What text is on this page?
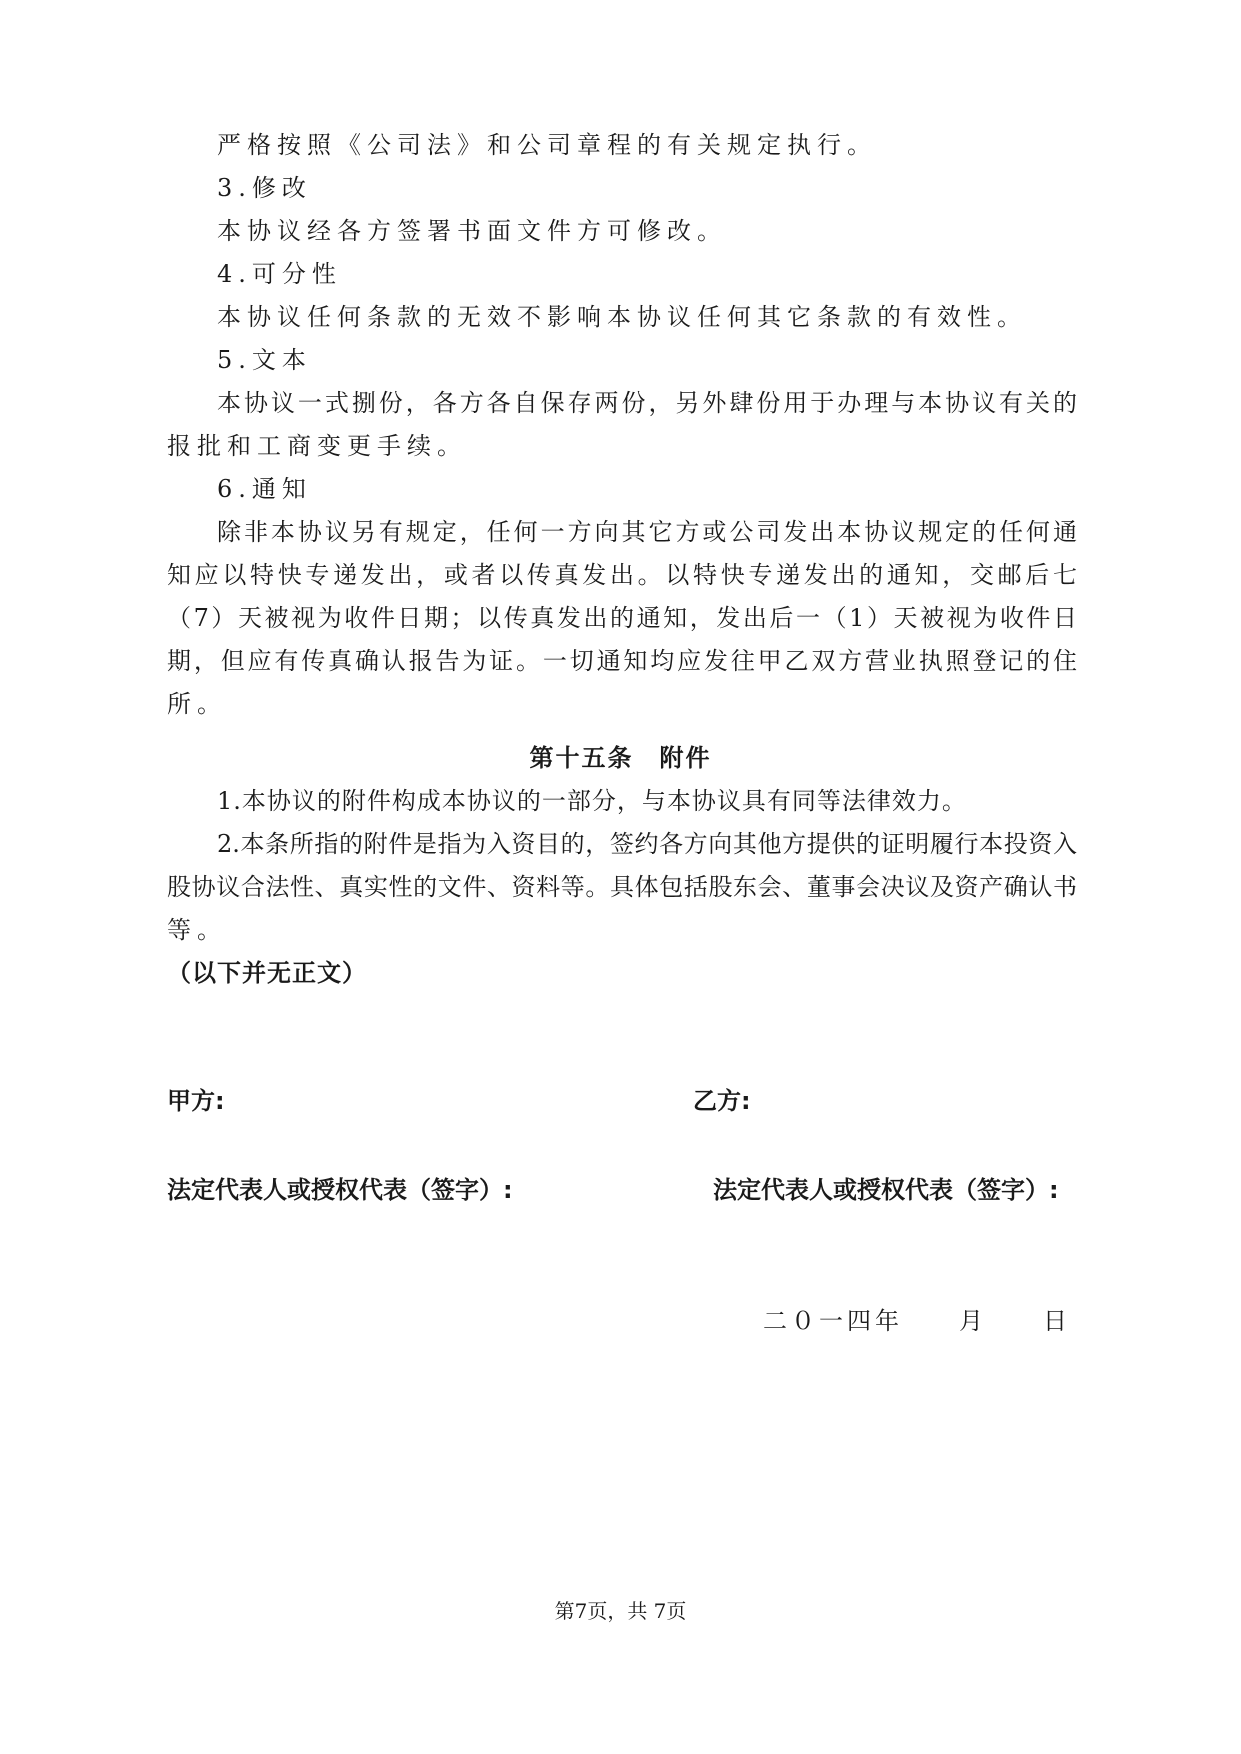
严格按照《公司法》和公司章程的有关规定执行。
3.修改
本协议经各方签署书面文件方可修改。
4.可分性
本协议任何条款的无效不影响本协议任何其它条款的有效性。
5.文本
本协议一式捌份，各方各自保存两份，另外肆份用于办理与本协议有关的
报批和工商变更手续。
6.通知
除非本协议另有规定，任何一方向其它方或公司发出本协议规定的任何通
知应以特快专递发出，或者以传真发出。以特快专递发出的通知，交邮后七
（7）天被视为收件日期；以传真发出的通知，发出后一（1）天被视为收件日
期，但应有传真确认报告为证。一切通知均应发往甲乙双方营业执照登记的住
所。
第十五条　附件
1.本协议的附件构成本协议的一部分，与本协议具有同等法律效力。
2.本条所指的附件是指为入资目的，签约各方向其他方提供的证明履行本投资入
股协议合法性、真实性的文件、资料等。具体包括股东会、董事会决议及资产确认书
等。
（以下并无正文）
甲方:	乙方:
法定代表人或授权代表（签字）:	法定代表人或授权代表（签字）:
二０一四年　　月　　日
第7页，共 7页
